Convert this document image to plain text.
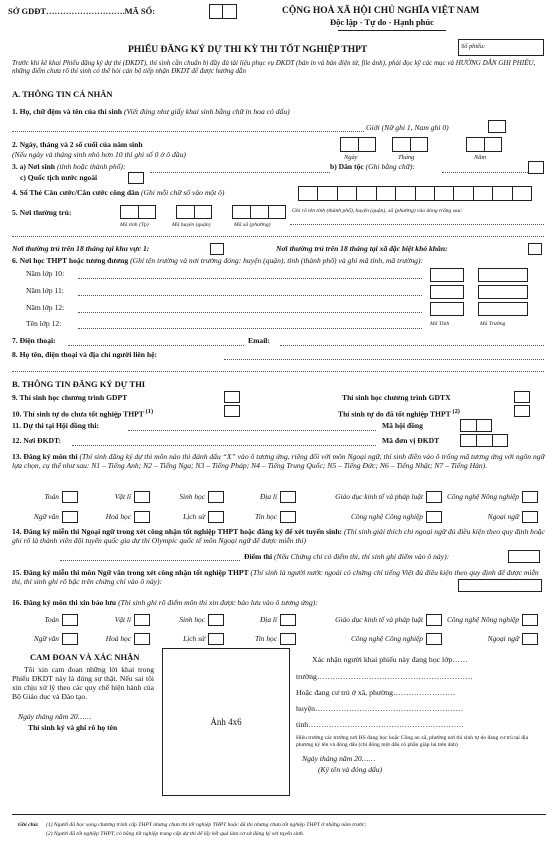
SỞ GDĐT……………………….MÃ SỐ:	CỘNG HOÀ XÃ HỘI CHỦ NGHĨA VIỆT NAM
Độc lập - Tự do - Hạnh phúc
PHIẾU ĐĂNG KÝ DỰ THI KỲ THI TỐT NGHIỆP THPT	Số phiếu:
Trước khi kê khai Phiếu đăng ký dự thi (ĐKDT), thí sinh cần chuẩn bị đầy đủ tài liệu phục vụ ĐKDT (bản in và bản điện tử, file ảnh), phải đọc kỹ các mục và HƯỚNG DẪN GHI PHIẾU, những điểm chưa rõ thí sinh có thể hỏi cán bộ tiếp nhận ĐKDT để được hướng dẫn
A. THÔNG TIN CÁ NHÂN
1. Họ, chữ đệm và tên của thí sinh (Viết đúng như giấy khai sinh bằng chữ in hoa có dấu)
Giới (Nữ ghi 1, Nam ghi 0)
2. Ngày, tháng và 2 số cuối của năm sinh
(Nếu ngày và tháng sinh nhỏ hơn 10 thì ghi số 0 ở ô đầu)	Ngày	Tháng	Năm
3. a) Nơi sinh (tỉnh hoặc thành phố):	b) Dân tộc (Ghi bằng chữ):
c) Quốc tịch nước ngoài
4. Số Thẻ Căn cước/Căn cước công dân (Ghi mỗi chữ số vào một ô)
5. Nơi thường trú:	Ghi rõ tên tỉnh (thành phố), huyện (quận), xã (phường) vào dòng trống sau:
Mã tỉnh (Tp)	Mã huyện (quận)	Mã xã (phường)
Nơi thường trú trên 18 tháng tại khu vực 1:	Nơi thường trú trên 18 tháng tại xã đặc biệt khó khăn:
6. Nơi học THPT hoặc tương đương (Ghi tên trường và nơi trường đóng: huyện (quận), tỉnh (thành phố) và ghi mã tỉnh, mã trường):
Năm lớp 10:
Năm lớp 11:
Năm lớp 12:
Tên lớp 12:	Mã Tỉnh	Mã Trường
7. Điện thoại:	Email:
8. Họ tên, điện thoại và địa chỉ người liên hệ:
B. THÔNG TIN ĐĂNG KÝ DỰ THI
9. Thí sinh học chương trình GDPT	Thí sinh học chương trình GDTX
10. Thí sinh tự do chưa tốt nghiệp THPT $^{(1)}$	Thí sinh tự do đã tốt nghiệp THPT $^{(2)}$
11. Dự thi tại Hội đồng thi:	Mã hội đồng
12. Nơi ĐKDT:	Mã đơn vị ĐKDT
13. Đăng ký môn thi (Thí sinh đăng ký dự thi môn nào thì đánh dấu “X” vào ô tương ứng, riêng đối với môn Ngoại ngữ, thí sinh điền vào ô trống mã tương ứng với ngôn ngữ lựa chọn, cụ thể như sau: N1 – Tiếng Anh; N2 – Tiếng Nga; N3 – Tiếng Pháp; N4 – Tiếng Trung Quốc; N5 – Tiếng Đức; N6 – Tiếng Nhật; N7 – Tiếng Hàn).
Toán	Vật lí	Sinh học	Địa lí	Giáo dục kinh tế và pháp luật	Công nghệ Nông nghiệp
Ngữ văn	Hoá học	Lịch sử	Tin học	Công nghệ Công nghiệp	Ngoại ngữ
14. Đăng ký miễn thi Ngoại ngữ trong xét công nhận tốt nghiệp THPT hoặc đăng ký để xét tuyển sinh: (Thí sinh giải thích chi ngoại ngữ đủ điều kiện theo quy định hoặc ghi rõ là thành viên đội tuyển quốc gia dự thi Olympic quốc tế môn Ngoại ngữ để được miễn thi)
Điểm thi (Nếu Chứng chỉ có điểm thi, thí sinh ghi điểm vào ô này):
15. Đăng ký miễn thi môn Ngữ văn trong xét công nhận tốt nghiệp THPT (Thí sinh là người nước ngoài có chứng chỉ tiếng Việt đủ điều kiện theo quy định để được miễn thi, thí sinh ghi rõ bậc trên chứng chỉ vào ô này):
16. Đăng ký môn thi xin bảo lưu (Thí sinh ghi rõ điểm môn thi xin được bảo lưu vào ô tương ứng):
Toán	Vật lí	Sinh học	Địa lí	Giáo dục kinh tế và pháp luật	Công nghệ Nông nghiệp
Ngữ văn	Hoá học	Lịch sử	Tin học	Công nghệ Công nghiệp	Ngoại ngữ
CAM ĐOAN VÀ XÁC NHẬN
Tôi xin cam đoan những lời khai trong Phiếu ĐKDT này là đúng sự thật. Nếu sai tôi xin chịu xử lý theo các quy chế hiện hành của Bộ Giáo dục và Đào tạo.
Ngày tháng năm 20……
Thí sinh ký và ghi rõ họ tên
Ảnh 4x6
Xác nhận người khai phiếu này đang học lớp……
trường……………………………………………………
Hoặc đang cư trú ở xã, phường……………………
huyện…………………………………………………
tỉnh……………………………………………………
Hiệu trưởng các trường nơi HS đang học hoặc Công an xã, phường nơi thí sinh tự do đang cư trú tại địa phương ký tên và đóng dấu (chỉ đóng một dấu có phần giáp lai trên ảnh)
Ngày tháng năm 20……
(Ký tên và đóng dấu)
Ghi chú: (1) Người đã học xong chương trình cấp THPT nhưng chưa thi tốt nghiệp THPT hoặc đã thi nhưng chưa tốt nghiệp THPT ở những năm trước;
(2) Người đã tốt nghiệp THPT, có bằng tốt nghiệp trung cấp dự thi để lấy kết quả làm cơ sở đăng ký xét tuyển sinh.
